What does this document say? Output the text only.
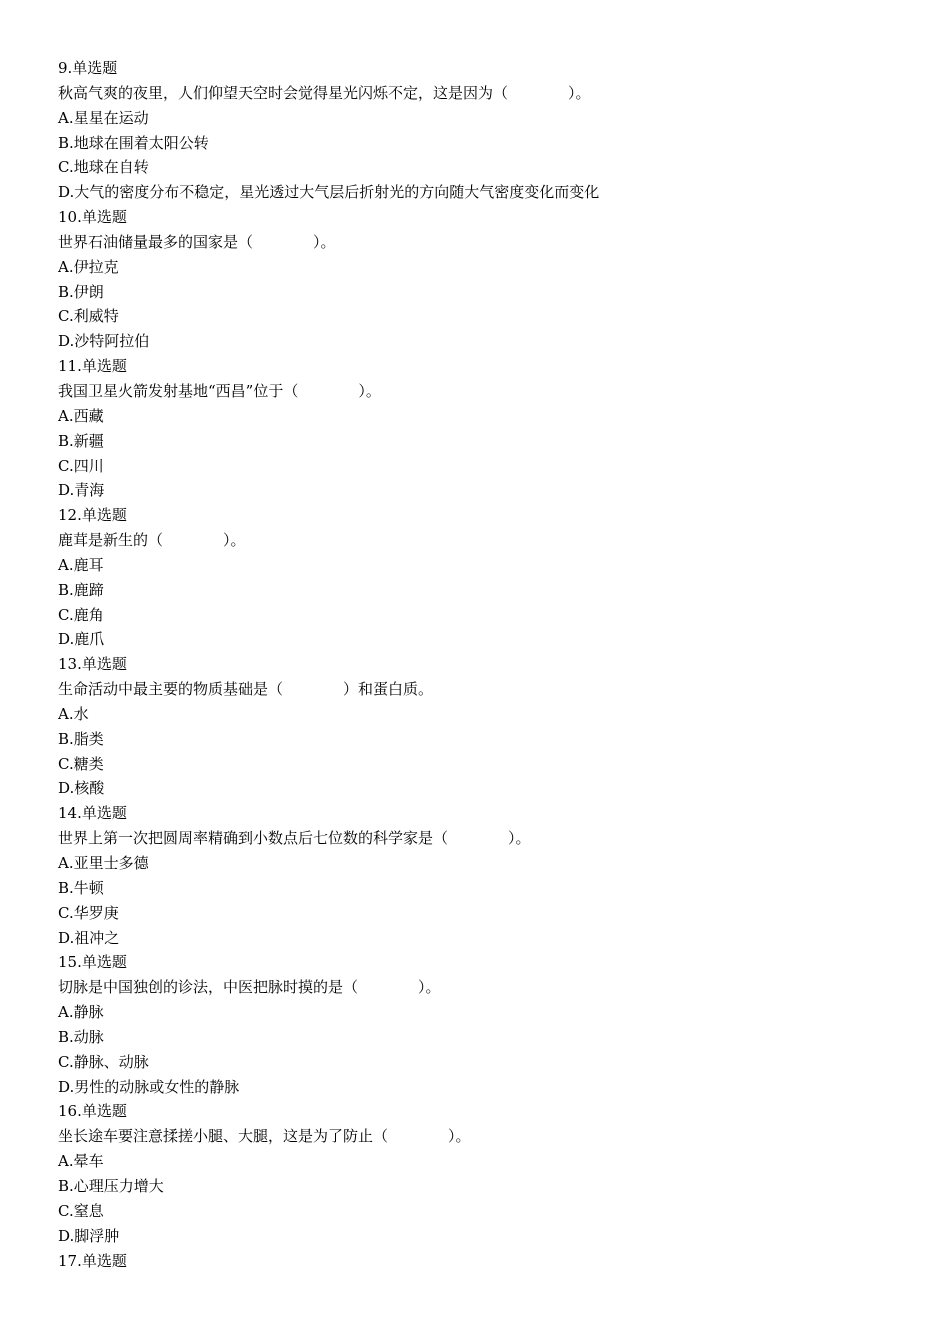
9.单选题
秋高气爽的夜里，人们仰望天空时会觉得星光闪烁不定，这是因为（　　　　）。
A.星星在运动
B.地球在围着太阳公转
C.地球在自转
D.大气的密度分布不稳定，星光透过大气层后折射光的方向随大气密度变化而变化
10.单选题
世界石油储量最多的国家是（　　　　）。
A.伊拉克
B.伊朗
C.利威特
D.沙特阿拉伯
11.单选题
我国卫星火箭发射基地“西昌”位于（　　　　）。
A.西藏
B.新疆
C.四川
D.青海
12.单选题
鹿茸是新生的（　　　　）。
A.鹿耳
B.鹿蹄
C.鹿角
D.鹿爪
13.单选题
生命活动中最主要的物质基础是（　　　　）和蛋白质。
A.水
B.脂类
C.糖类
D.核酸
14.单选题
世界上第一次把圆周率精确到小数点后七位数的科学家是（　　　　）。
A.亚里士多德
B.牛顿
C.华罗庚
D.祖冲之
15.单选题
切脉是中国独创的诊法，中医把脉时摸的是（　　　　）。
A.静脉
B.动脉
C.静脉、动脉
D.男性的动脉或女性的静脉
16.单选题
坐长途车要注意揉搓小腿、大腿，这是为了防止（　　　　）。
A.晕车
B.心理压力增大
C.窒息
D.脚浮肿
17.单选题
